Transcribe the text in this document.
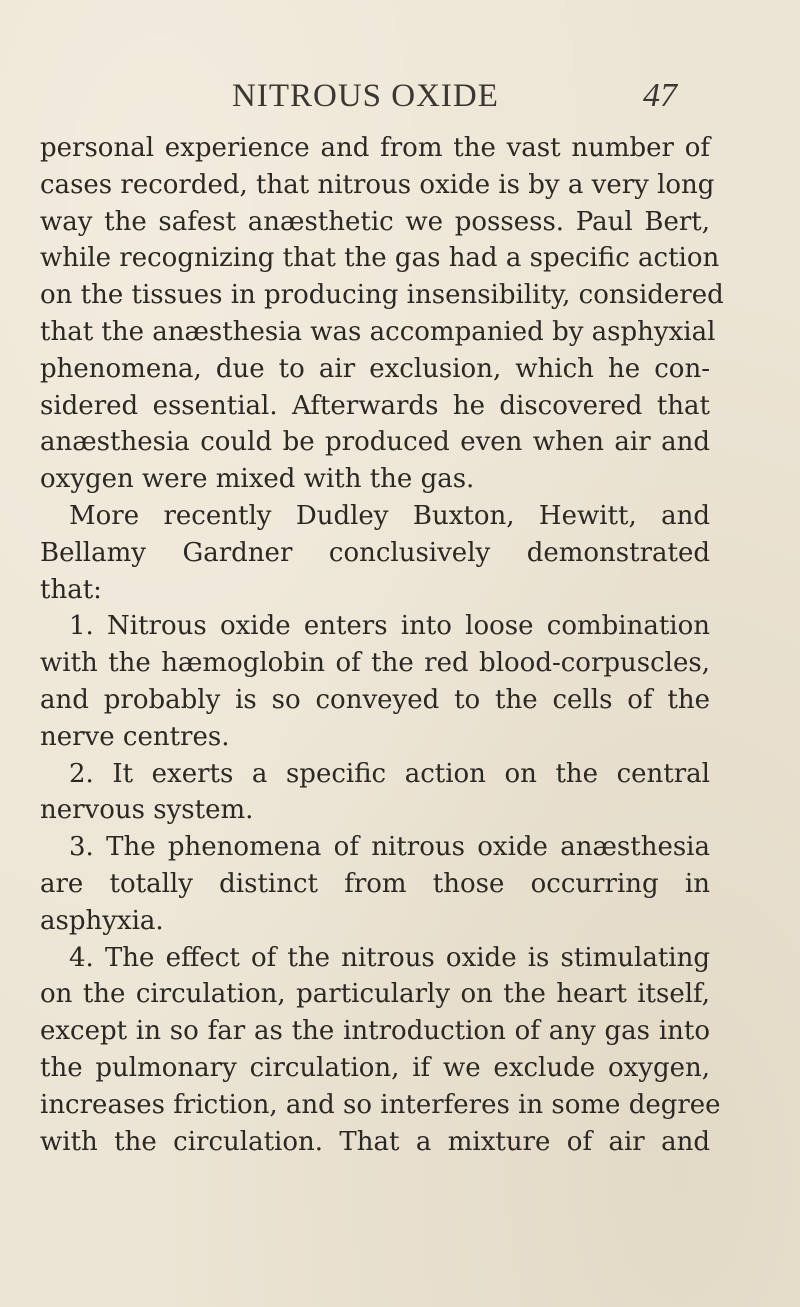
NITROUS OXIDE	47
personal experience and from the vast number of
cases recorded, that nitrous oxide is by a very long
way the safest anæsthetic we possess. Paul Bert,
while recognizing that the gas had a specific action
on the tissues in producing insensibility, considered
that the anæsthesia was accompanied by asphyxial
phenomena, due to air exclusion, which he con-
sidered essential. Afterwards he discovered that
anæsthesia could be produced even when air and
oxygen were mixed with the gas.
More recently Dudley Buxton, Hewitt, and
Bellamy Gardner conclusively demonstrated
that:
1. Nitrous oxide enters into loose combination
with the hæmoglobin of the red blood-corpuscles,
and probably is so conveyed to the cells of the
nerve centres.
2. It exerts a specific action on the central
nervous system.
3. The phenomena of nitrous oxide anæsthesia
are totally distinct from those occurring in
asphyxia.
4. The effect of the nitrous oxide is stimulating
on the circulation, particularly on the heart itself,
except in so far as the introduction of any gas into
the pulmonary circulation, if we exclude oxygen,
increases friction, and so interferes in some degree
with the circulation. That a mixture of air and
